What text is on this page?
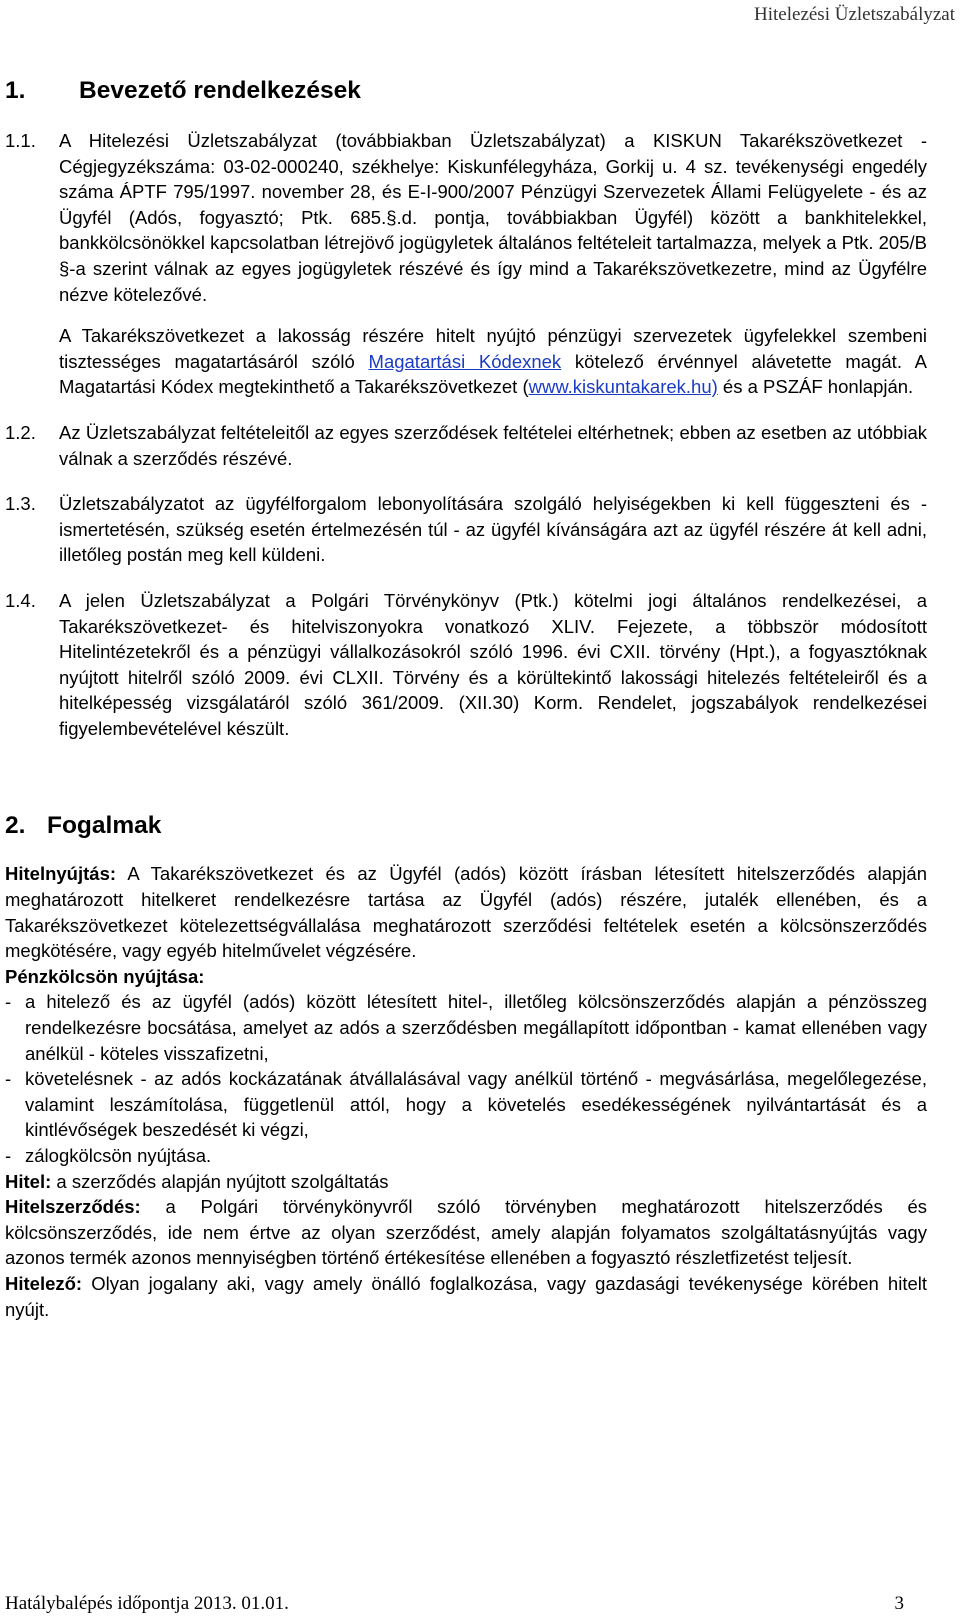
Hitelezési Üzletszabályzat
1.	Bevezető rendelkezések
1.1.	A Hitelezési Üzletszabályzat (továbbiakban Üzletszabályzat) a KISKUN Takarékszövetkezet - Cégjegyzékszáma: 03-02-000240, székhelye: Kiskunfélegyháza, Gorkij u. 4 sz. tevékenységi engedély száma ÁPTF 795/1997. november 28, és E-I-900/2007 Pénzügyi Szervezetek Állami Felügyelete - és az Ügyfél (Adós, fogyasztó; Ptk. 685.§.d. pontja, továbbiakban Ügyfél) között a bankhitelekkel, bankkölcsönökkel kapcsolatban létrejövő jogügyletek általános feltételeit tartalmazza, melyek a Ptk. 205/B §-a szerint válnak az egyes jogügyletek részévé és így mind a Takarékszövetkezetre, mind az Ügyfélre nézve kötelezővé.
A Takarékszövetkezet a lakosság részére hitelt nyújtó pénzügyi szervezetek ügyfelekkel szembeni tisztességes magatartásáról szóló Magatartási Kódexnek kötelező érvénnyel alávetette magát. A Magatartási Kódex megtekinthető a Takarékszövetkezet (www.kiskuntakarek.hu) és a PSZÁF honlapján.
1.2.	Az Üzletszabályzat feltételeitől az egyes szerződések feltételei eltérhetnek; ebben az esetben az utóbbiak válnak a szerződés részévé.
1.3.	Üzletszabályzatot az ügyfélforgalom lebonyolítására szolgáló helyiségekben ki kell függeszteni és - ismertetésén, szükség esetén értelmezésén túl - az ügyfél kívánságára azt az ügyfél részére át kell adni, illetőleg postán meg kell küldeni.
1.4.	A jelen Üzletszabályzat a Polgári Törvénykönyv (Ptk.) kötelmi jogi általános rendelkezései, a Takarékszövetkezet- és hitelviszonyokra vonatkozó XLIV. Fejezete, a többször módosított Hitelintézetekről és a pénzügyi vállalkozásokról szóló 1996. évi CXII. törvény (Hpt.), a fogyasztóknak nyújtott hitelről szóló 2009. évi CLXII. Törvény és a körültekintő lakossági hitelezés feltételeiről és a hitelképesség vizsgálatáról szóló 361/2009. (XII.30) Korm. Rendelet, jogszabályok rendelkezései figyelembevételével készült.
2. Fogalmak
Hitelnyújtás: A Takarékszövetkezet és az Ügyfél (adós) között írásban létesített hitelszerződés alapján meghatározott hitelkeret rendelkezésre tartása az Ügyfél (adós) részére, jutalék ellenében, és a Takarékszövetkezet kötelezettségvállalása meghatározott szerződési feltételek esetén a kölcsönszerződés megkötésére, vagy egyéb hitelművelet végzésére.
Pénzkölcsön nyújtása:
- a hitelező és az ügyfél (adós) között létesített hitel-, illetőleg kölcsönszerződés alapján a pénzösszeg rendelkezésre bocsátása, amelyet az adós a szerződésben megállapított időpontban - kamat ellenében vagy anélkül - köteles visszafizetni,
- követelésnek - az adós kockázatának átvállalásával vagy anélkül történő - megvásárlása, megelőlegezése, valamint leszámítolása, függetlenül attól, hogy a követelés esedékességének nyilvántartását és a kintlévőségek beszedését ki végzi,
- zálogkölcsön nyújtása.
Hitel: a szerződés alapján nyújtott szolgáltatás
Hitelszerződés: a Polgári törvénykönyvről szóló törvényben meghatározott hitelszerződés és kölcsönszerződés, ide nem értve az olyan szerződést, amely alapján folyamatos szolgáltatásnyújtás vagy azonos termék azonos mennyiségben történő értékesítése ellenében a fogyasztó részletfizetést teljesít.
Hitelező: Olyan jogalany aki, vagy amely önálló foglalkozása, vagy gazdasági tevékenysége körében hitelt nyújt.
Hatálybalépés időpontja 2013. 01.01.	3
